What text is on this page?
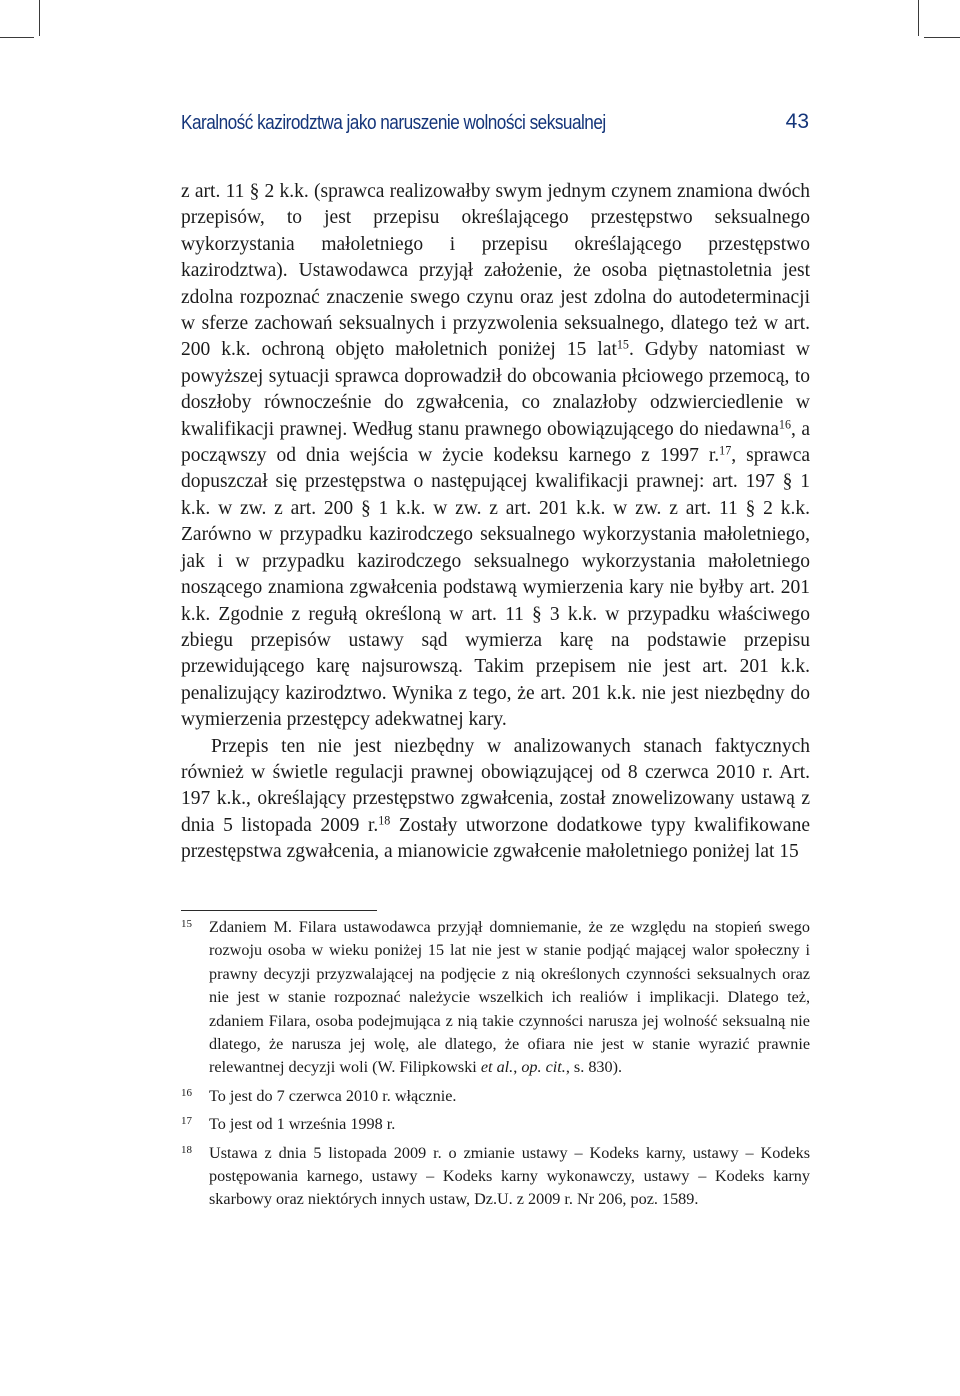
Karalność kazirodztwa jako naruszenie wolności seksualnej	43

z art. 11 § 2 k.k. (sprawca realizowałby swym jednym czynem znamiona dwóch przepisów, to jest przepisu określającego przestępstwo seksualnego wykorzystania małoletniego i przepisu określającego przestępstwo kazirodztwa). Ustawodawca przyjął założenie, że osoba piętnastoletnia jest zdolna rozpoznać znaczenie swego czynu oraz jest zdolna do autodeterminacji w sferze zachowań seksualnych i przyzwolenia seksualnego, dlatego też w art. 200 k.k. ochroną objęto małoletnich poniżej 15 lat$^{15}$. Gdyby natomiast w powyższej sytuacji sprawca doprowadził do obcowania płciowego przemocą, to doszłoby równocześnie do zgwałcenia, co znalazłoby odzwierciedlenie w kwalifikacji prawnej. Według stanu prawnego obowiązującego do niedawna$^{16}$, a począwszy od dnia wejścia w życie kodeksu karnego z 1997 r.$^{17}$, sprawca dopuszczał się przestępstwa o następującej kwalifikacji prawnej: art. 197 § 1 k.k. w zw. z art. 200 § 1 k.k. w zw. z art. 201 k.k. w zw. z art. 11 § 2 k.k. Zarówno w przypadku kazirodczego seksualnego wykorzystania małoletniego, jak i w przypadku kazirodczego seksualnego wykorzystania małoletniego noszącego znamiona zgwałcenia podstawą wymierzenia kary nie byłby art. 201 k.k. Zgodnie z regułą określoną w art. 11 § 3 k.k. w przypadku właściwego zbiegu przepisów ustawy sąd wymierza karę na podstawie przepisu przewidującego karę najsurowszą. Takim przepisem nie jest art. 201 k.k. penalizujący kazirodztwo. Wynika z tego, że art. 201 k.k. nie jest niezbędny do wymierzenia przestępcy adekwatnej kary.

Przepis ten nie jest niezbędny w analizowanych stanach faktycznych również w świetle regulacji prawnej obowiązującej od 8 czerwca 2010 r. Art. 197 k.k., określający przestępstwo zgwałcenia, został znowelizowany ustawą z dnia 5 listopada 2009 r.$^{18}$ Zostały utworzone dodatkowe typy kwalifikowane przestępstwa zgwałcenia, a mianowicie zgwałcenie małoletniego poniżej lat 15

15 Zdaniem M. Filara ustawodawca przyjął domniemanie, że ze względu na stopień swego rozwoju osoba w wieku poniżej 15 lat nie jest w stanie podjąć mającej walor społeczny i prawny decyzji przyzwalającej na podjęcie z nią określonych czynności seksualnych oraz nie jest w stanie rozpoznać należycie wszelkich ich realiów i implikacji. Dlatego też, zdaniem Filara, osoba podejmująca z nią takie czynności narusza jej wolność seksualną nie dlatego, że narusza jej wolę, ale dlatego, że ofiara nie jest w stanie wyrazić prawnie relewantnej decyzji woli (W. Filipkowski et al., op. cit., s. 830).
16 To jest do 7 czerwca 2010 r. włącznie.
17 To jest od 1 września 1998 r.
18 Ustawa z dnia 5 listopada 2009 r. o zmianie ustawy – Kodeks karny, ustawy – Kodeks postępowania karnego, ustawy – Kodeks karny wykonawczy, ustawy – Kodeks karny skarbowy oraz niektórych innych ustaw, Dz.U. z 2009 r. Nr 206, poz. 1589.
